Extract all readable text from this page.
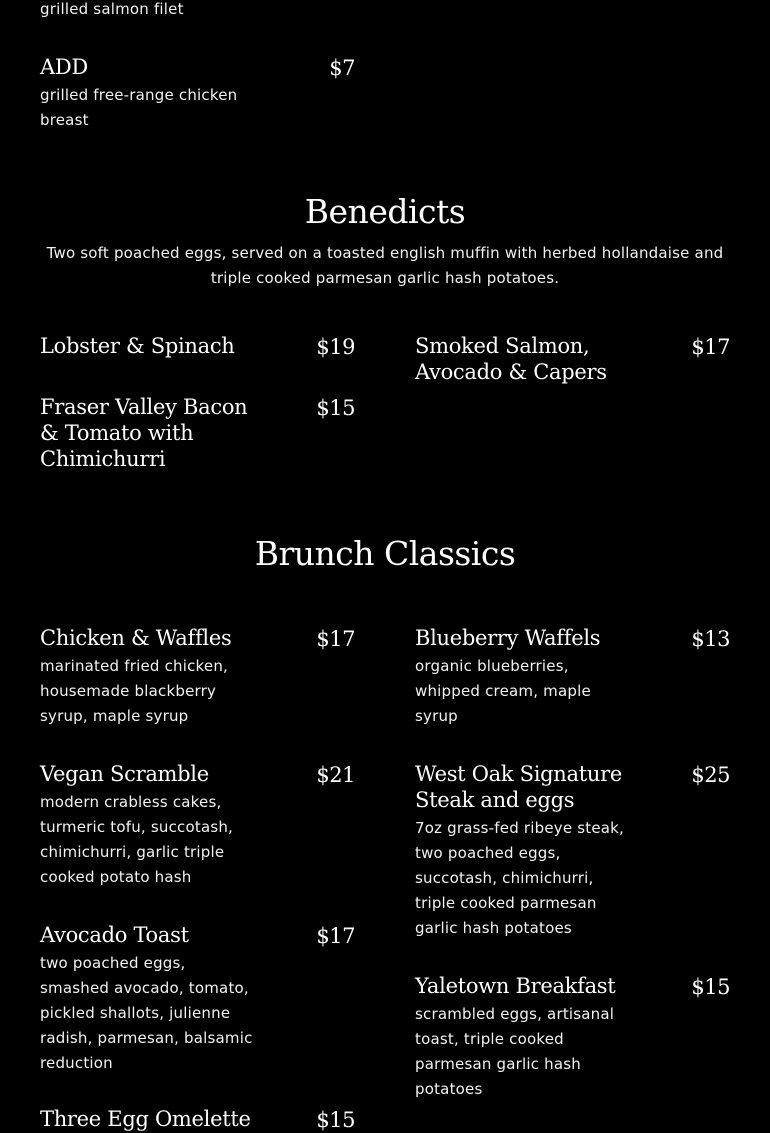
grilled salmon filet
ADD	$7
grilled free-range chicken breast
Benedicts
Two soft poached eggs, served on a toasted english muffin with herbed hollandaise and triple cooked parmesan garlic hash potatoes.
Lobster & Spinach	$19	Smoked Salmon, Avocado & Capers
$17
Fraser Valley Bacon & Tomato with Chimichurri
$15
Brunch Classics
Chicken & Waffles	$17
marinated fried chicken, housemade blackberry syrup, maple syrup
Blueberry Waffels	$13
organic blueberries, whipped cream, maple syrup
Vegan Scramble	$21
modern crabless cakes, turmeric tofu, succotash, chimichurri, garlic triple cooked potato hash
West Oak Signature Steak and eggs
$25
7oz grass-fed ribeye steak, two poached eggs, succotash, chimichurri, triple cooked parmesan garlic hash potatoes
Avocado Toast	$17
two poached eggs, smashed avocado, tomato, pickled shallots, julienne radish, parmesan, balsamic reduction
Yaletown Breakfast	$15
scrambled eggs, artisanal toast, triple cooked parmesan garlic hash potatoes
Three Egg Omelette	$15
